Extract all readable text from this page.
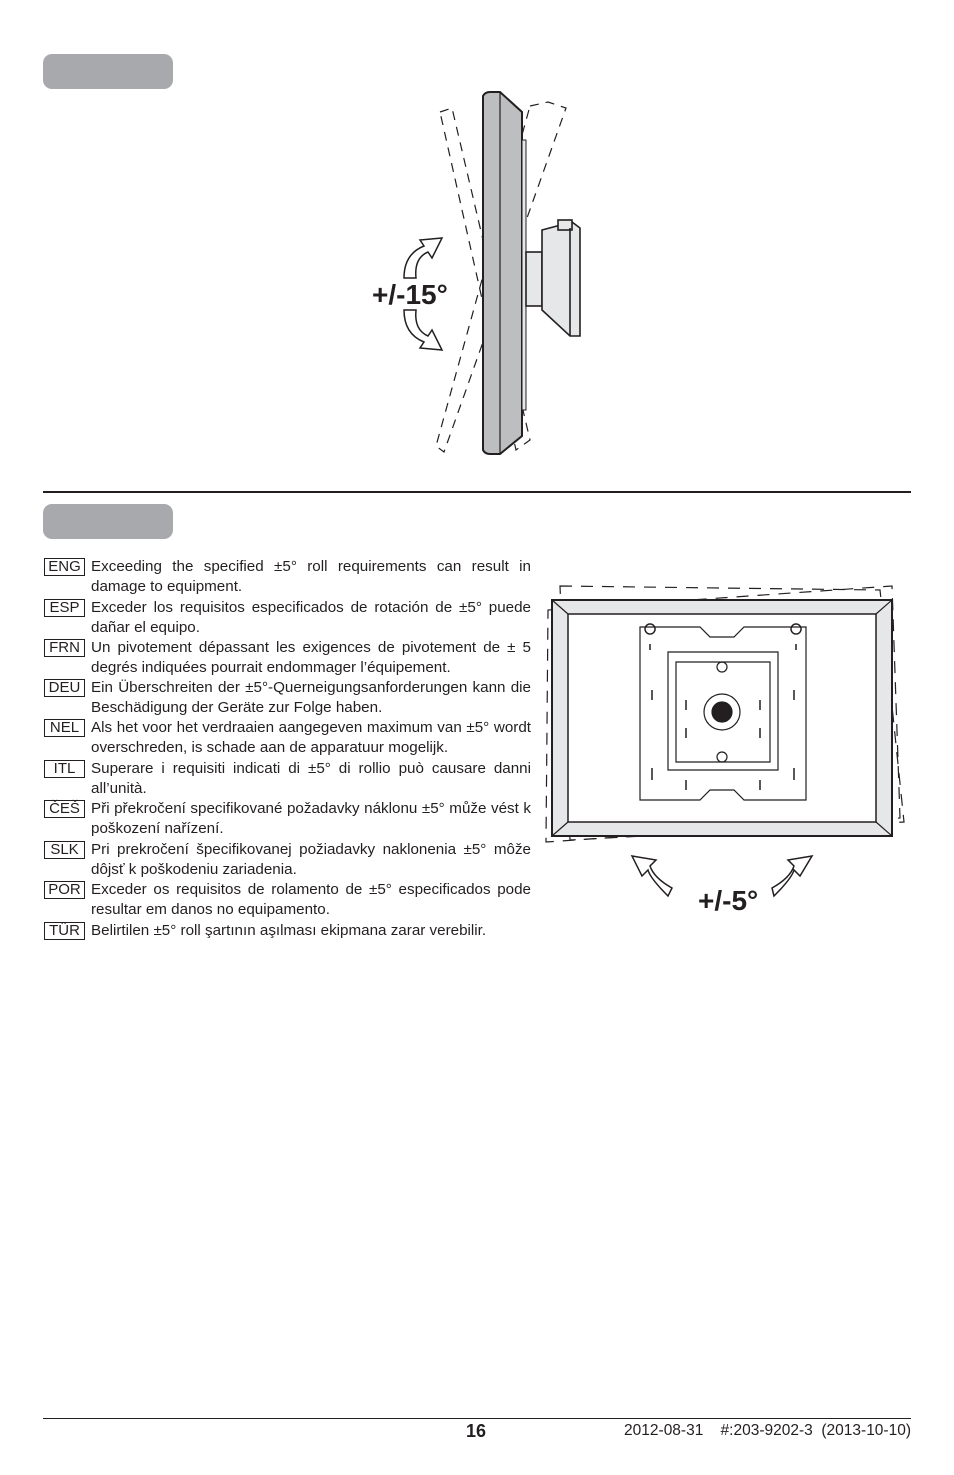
+/-15°
ENG Exceeding the specified ±5° roll requirements can result in damage to equipment.
ESP Exceder los requisitos especificados de rotación de ±5° puede dañar el equipo.
FRN Un pivotement dépassant les exigences de pivotement de ± 5 degrés indiquées pourrait endommager l’équipement.
DEU Ein Überschreiten der ±5°-Querneigungsanforderungen kann die Beschädigung der Geräte zur Folge haben.
NEL Als het voor het verdraaien aangegeven maximum van ±5° wordt overschreden, is schade aan de apparatuur mogelijk.
ITL	Superare i requisiti indicati di ±5° di rollio può causare danni all’unità.
ČEŠ Při překročení specifikované požadavky náklonu ±5° může vést k poškození nařízení.
SLK Pri prekročení špecifikovanej požiadavky naklonenia ±5° môže dôjsť k poškodeniu zariadenia.
POR Exceder os requisitos de rolamento de ±5° especificados pode resultar em danos no equipamento.
TÜR Belirtilen ±5° roll şartının aşılması ekipmana zarar verebilir.
+/-5°
16	2012-08-31    #:203-9202-3  (2013-10-10)
